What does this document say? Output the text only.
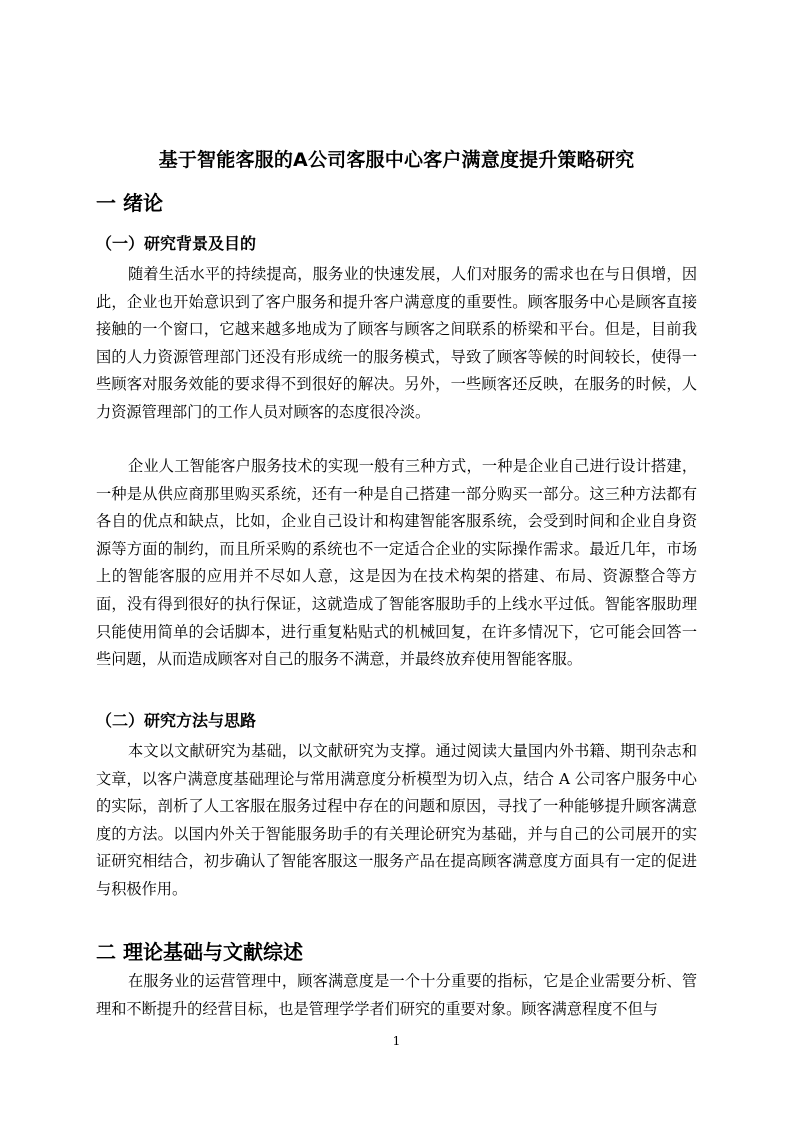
基于智能客服的A公司客服中心客户满意度提升策略研究
一 绪论
（一）研究背景及目的

随着生活水平的持续提高，服务业的快速发展，人们对服务的需求也在与日俱增，因此，企业也开始意识到了客户服务和提升客户满意度的重要性。顾客服务中心是顾客直接接触的一个窗口，它越来越多地成为了顾客与顾客之间联系的桥梁和平台。但是，目前我国的人力资源管理部门还没有形成统一的服务模式，导致了顾客等候的时间较长，使得一些顾客对服务效能的要求得不到很好的解决。另外，一些顾客还反映，在服务的时候，人力资源管理部门的工作人员对顾客的态度很冷淡。

企业人工智能客户服务技术的实现一般有三种方式，一种是企业自己进行设计搭建，一种是从供应商那里购买系统，还有一种是自己搭建一部分购买一部分。这三种方法都有各自的优点和缺点，比如，企业自己设计和构建智能客服系统，会受到时间和企业自身资源等方面的制约，而且所采购的系统也不一定适合企业的实际操作需求。最近几年，市场上的智能客服的应用并不尽如人意，这是因为在技术构架的搭建、布局、资源整合等方面，没有得到很好的执行保证，这就造成了智能客服助手的上线水平过低。智能客服助理只能使用简单的会话脚本，进行重复粘贴式的机械回复，在许多情况下，它可能会回答一些问题，从而造成顾客对自己的服务不满意，并最终放弃使用智能客服。

（二）研究方法与思路

本文以文献研究为基础，以文献研究为支撑。通过阅读大量国内外书籍、期刊杂志和文章，以客户满意度基础理论与常用满意度分析模型为切入点，结合 A 公司客户服务中心的实际，剖析了人工客服在服务过程中存在的问题和原因，寻找了一种能够提升顾客满意度的方法。以国内外关于智能服务助手的有关理论研究为基础，并与自己的公司展开的实证研究相结合，初步确认了智能客服这一服务产品在提高顾客满意度方面具有一定的促进与积极作用。

二 理论基础与文献综述

在服务业的运营管理中，顾客满意度是一个十分重要的指标，它是企业需要分析、管理和不断提升的经营目标，也是管理学学者们研究的重要对象。顾客满意程度不但与

1
